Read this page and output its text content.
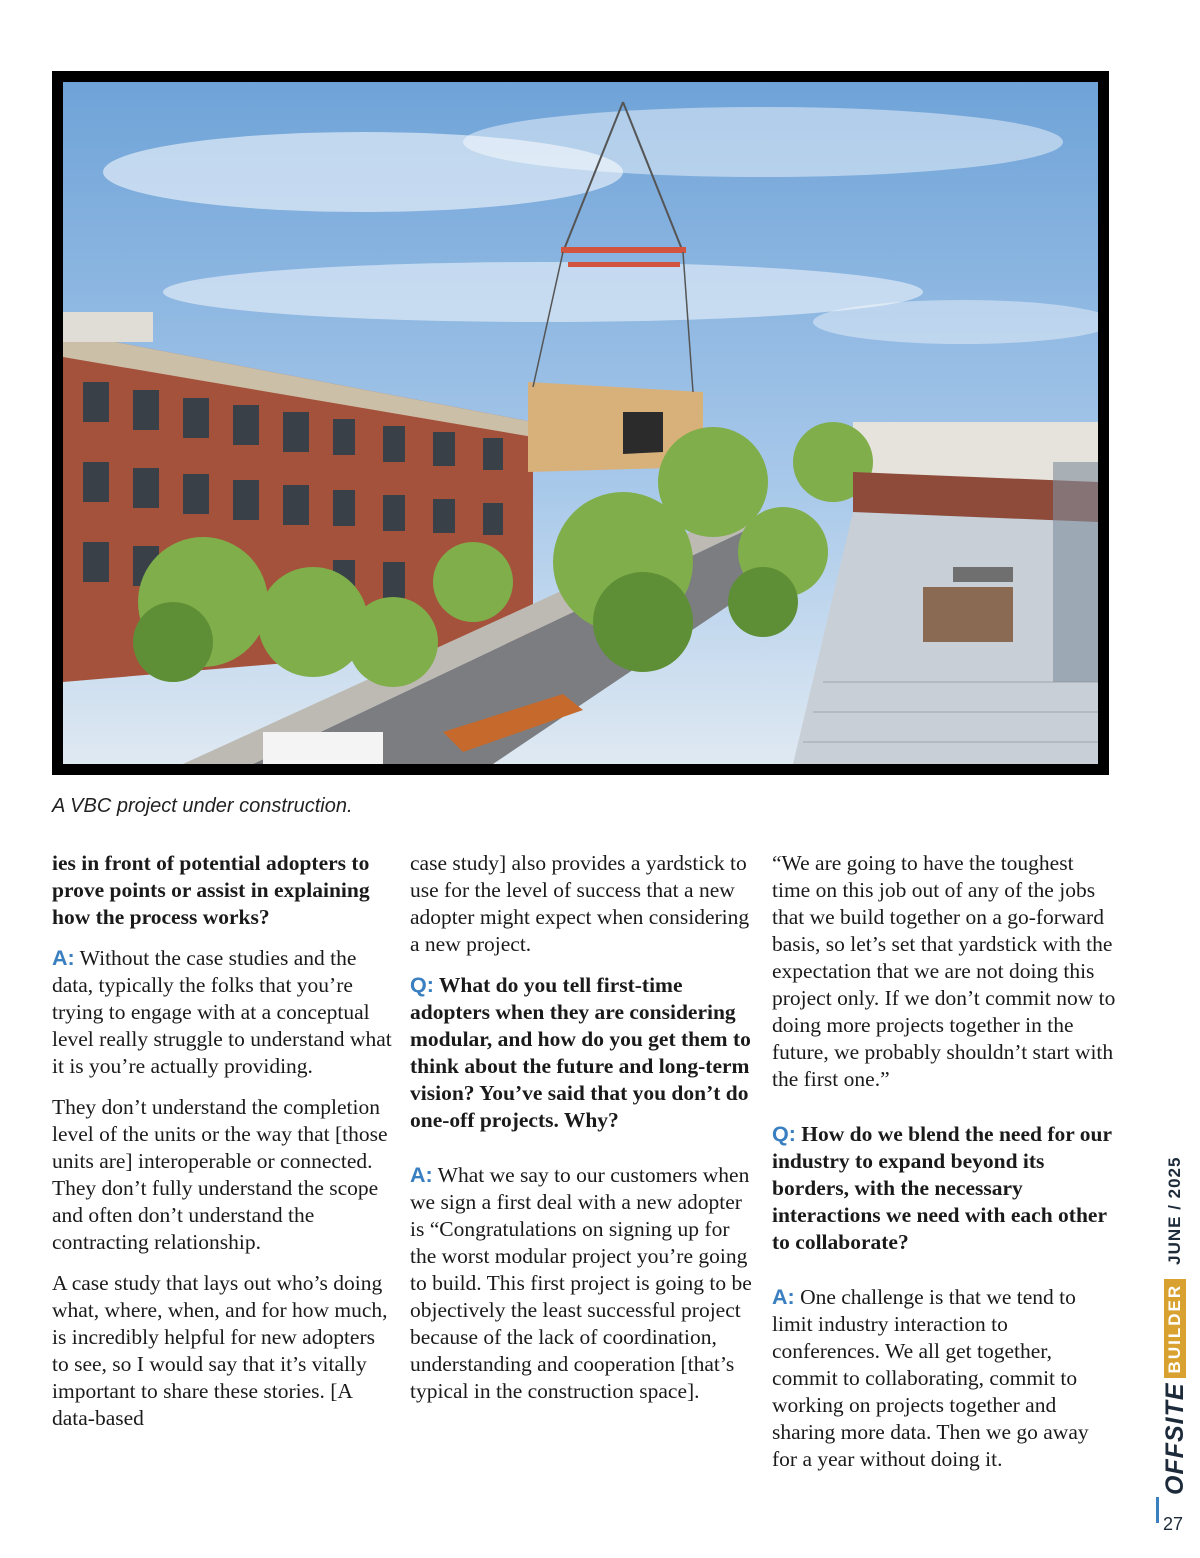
A VBC project under construction.

ies in front of potential adopters to prove points or assist in explaining how the process works?

A: Without the case studies and the data, typically the folks that you’re trying to engage with at a conceptual level really struggle to understand what it is you’re actually providing.

They don’t understand the completion level of the units or the way that [those units are] interoperable or connected. They don’t fully understand the scope and often don’t understand the contracting relationship.

A case study that lays out who’s doing what, where, when, and for how much, is incredibly helpful for new adopters to see, so I would say that it’s vitally important to share these stories. [A data-based

case study] also provides a yardstick to use for the level of success that a new adopter might expect when considering a new project.

Q: What do you tell first-time adopters when they are considering modular, and how do you get them to think about the future and long-term vision? You’ve said that you don’t do one-off projects. Why?

A: What we say to our customers when we sign a first deal with a new adopter is “Congratulations on signing up for the worst modular project you’re going to build. This first project is going to be objectively the least successful project because of the lack of coordination, understanding and cooperation [that’s typical in the construction space].

“We are going to have the toughest time on this job out of any of the jobs that we build together on a go-forward basis, so let’s set that yardstick with the expectation that we are not doing this project only. If we don’t commit now to doing more projects together in the future, we probably shouldn’t start with the first one.”

Q: How do we blend the need for our industry to expand beyond its borders, with the necessary interactions we need with each other to collaborate?

A: One challenge is that we tend to limit industry interaction to conferences. We all get together, commit to collaborating, commit to working on projects together and sharing more data. Then we go away for a year without doing it.	OFFSITE
BUILDER
JUNE / 2025
27
